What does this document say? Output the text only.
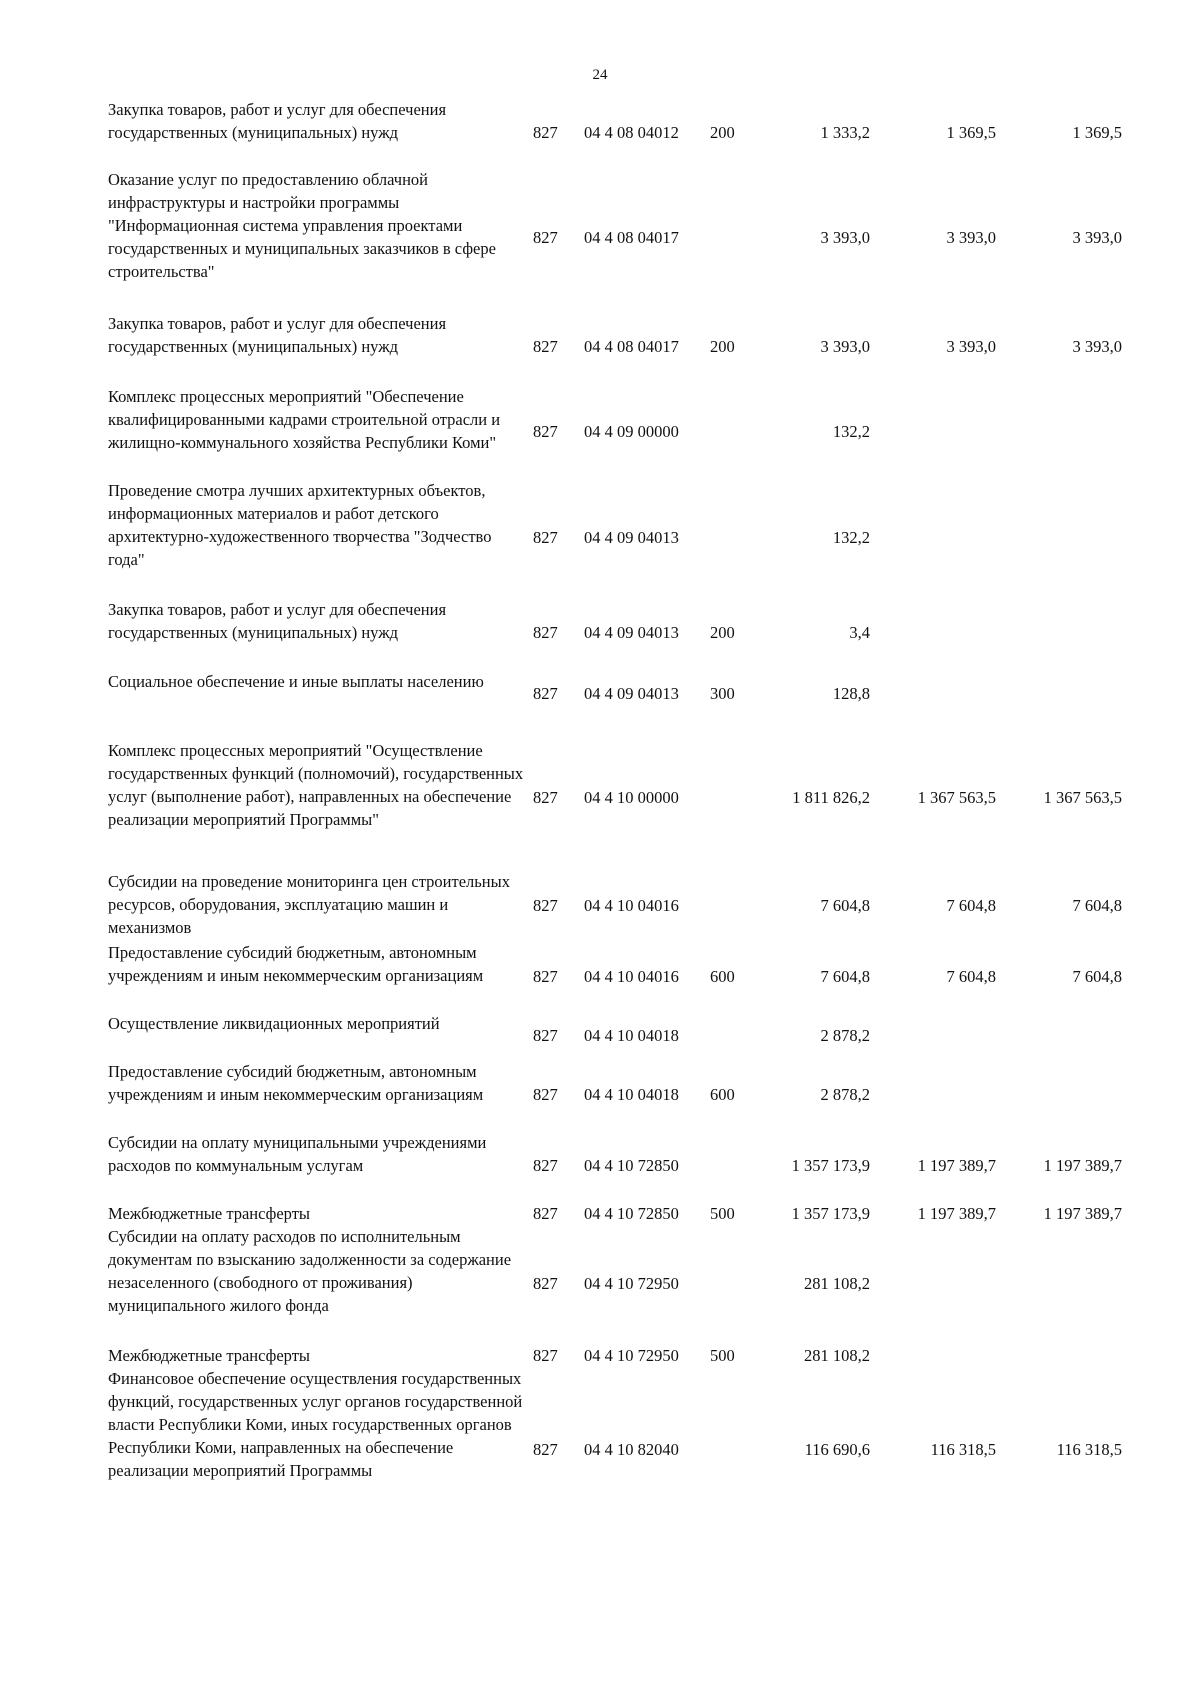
24
Закупка товаров, работ и услуг для обеспечения государственных (муниципальных) нужд	827	04 4 08 04012 200	1 333,2	1 369,5	1 369,5
Оказание услуг по предоставлению облачной инфраструктуры и настройки программы "Информационная система управления проектами государственных и муниципальных заказчиков в сфере строительства"
827	04 4 08 04017	3 393,0	3 393,0	3 393,0
Закупка товаров, работ и услуг для обеспечения государственных (муниципальных) нужд	827	04 4 08 04017 200	3 393,0	3 393,0	3 393,0
Комплекс процессных мероприятий "Обеспечение квалифицированными кадрами строительной отрасли и жилищно-коммунального хозяйства Республики Коми"
827	04 4 09 00000	132,2
Проведение смотра лучших архитектурных объектов, информационных материалов и работ детского архитектурно-художественного творчества "Зодчество года"
827	04 4 09 04013	132,2
Закупка товаров, работ и услуг для обеспечения государственных (муниципальных) нужд	827	04 4 09 04013 200	3,4
Социальное обеспечение и иные выплаты населению
827	04 4 09 04013 300	128,8
Комплекс процессных мероприятий "Осуществление государственных функций (полномочий), государственных услуг (выполнение работ), направленных на обеспечение реализации мероприятий Программы"
827	04 4 10 00000	1 811 826,2	1 367 563,5	1 367 563,5
Субсидии на проведение мониторинга цен строительных ресурсов, оборудования, эксплуатацию машин и механизмов
827	04 4 10 04016	7 604,8	7 604,8	7 604,8
Предоставление субсидий бюджетным, автономным учреждениям и иным некоммерческим организациям	827	04 4 10 04016 600	7 604,8	7 604,8	7 604,8
Осуществление ликвидационных мероприятий
827	04 4 10 04018	2 878,2
Предоставление субсидий бюджетным, автономным учреждениям и иным некоммерческим организациям	827	04 4 10 04018 600	2 878,2
Субсидии на оплату муниципальными учреждениями расходов по коммунальным услугам	827	04 4 10 72850	1 357 173,9	1 197 389,7	1 197 389,7
Межбюджетные трансферты	827	04 4 10 72850 500	1 357 173,9	1 197 389,7	1 197 389,7
Субсидии на оплату расходов по исполнительным документам по взысканию задолженности за содержание незаселенного (свободного от проживания) муниципального жилого фонда
827	04 4 10 72950	281 108,2
Межбюджетные трансферты	827	04 4 10 72950 500	281 108,2
Финансовое обеспечение осуществления государственных функций, государственных услуг органов государственной власти Республики Коми, иных государственных органов Республики Коми, направленных на обеспечение реализации мероприятий Программы
827	04 4 10 82040	116 690,6	116 318,5	116 318,5
